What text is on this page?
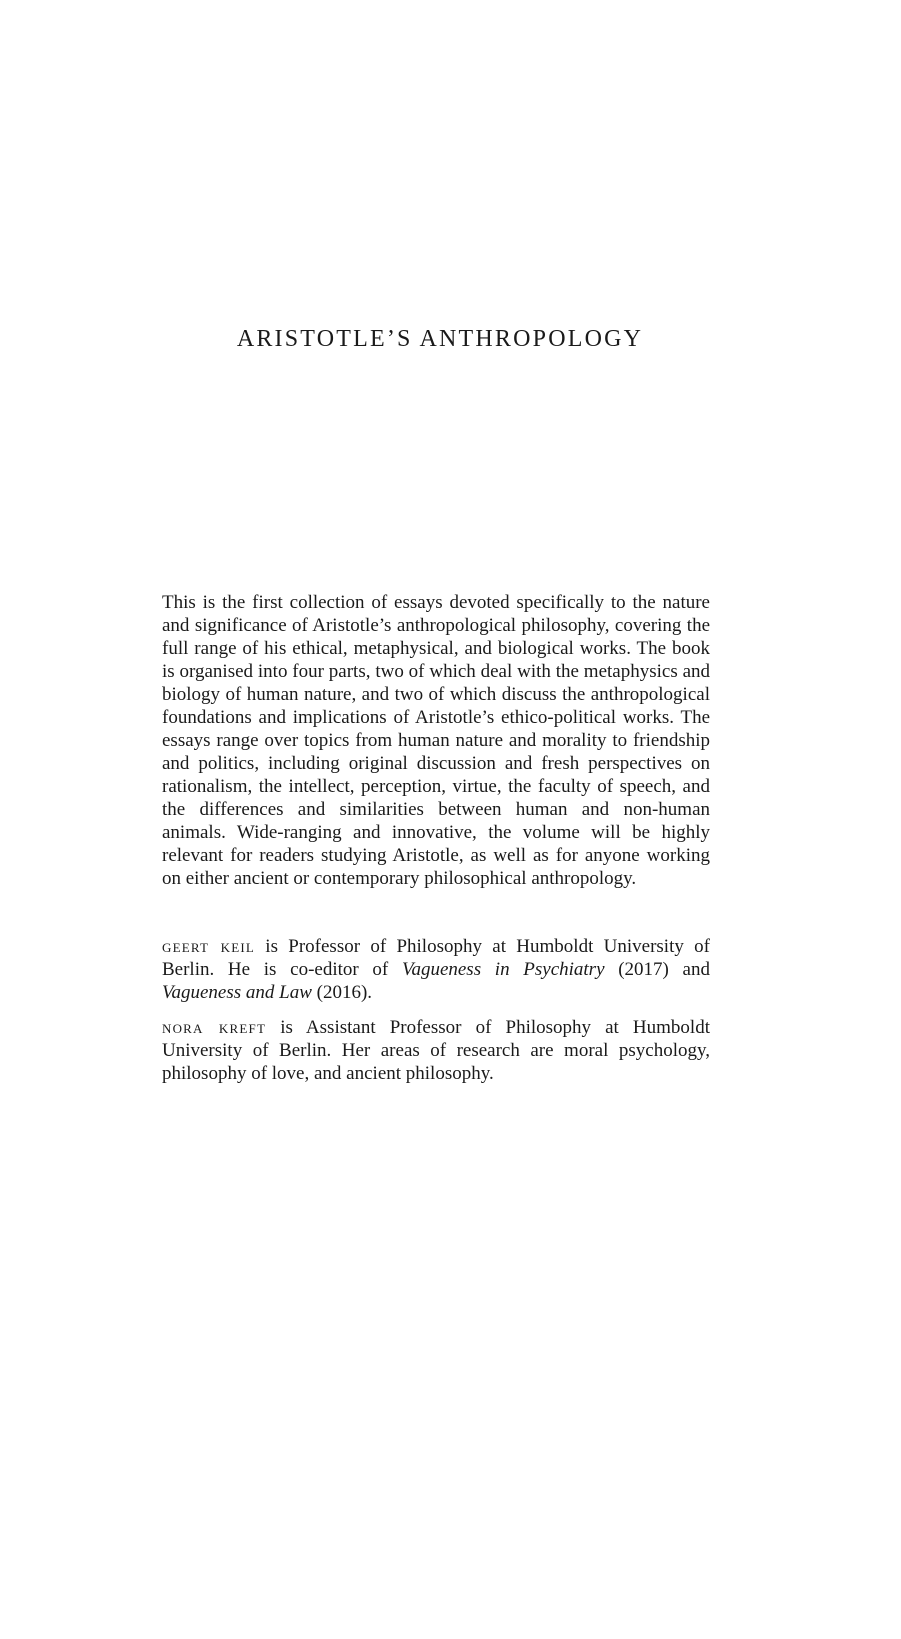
ARISTOTLE’S ANTHROPOLOGY

This is the first collection of essays devoted specifically to the nature and significance of Aristotle’s anthropological philosophy, covering the full range of his ethical, metaphysical, and biological works. The book is organised into four parts, two of which deal with the metaphysics and biology of human nature, and two of which discuss the anthropological foundations and implications of Aristotle’s ethico-political works. The essays range over topics from human nature and morality to friendship and politics, including original discussion and fresh perspectives on rationalism, the intellect, perception, virtue, the faculty of speech, and the differences and similarities between human and non-human animals. Wide-ranging and innovative, the volume will be highly relevant for readers studying Aristotle, as well as for anyone working on either ancient or contemporary philosophical anthropology.

geert keil is Professor of Philosophy at Humboldt University of Berlin. He is co-editor of Vagueness in Psychiatry (2017) and Vagueness and Law (2016).

nora kreft is Assistant Professor of Philosophy at Humboldt University of Berlin. Her areas of research are moral psychology, philosophy of love, and ancient philosophy.
